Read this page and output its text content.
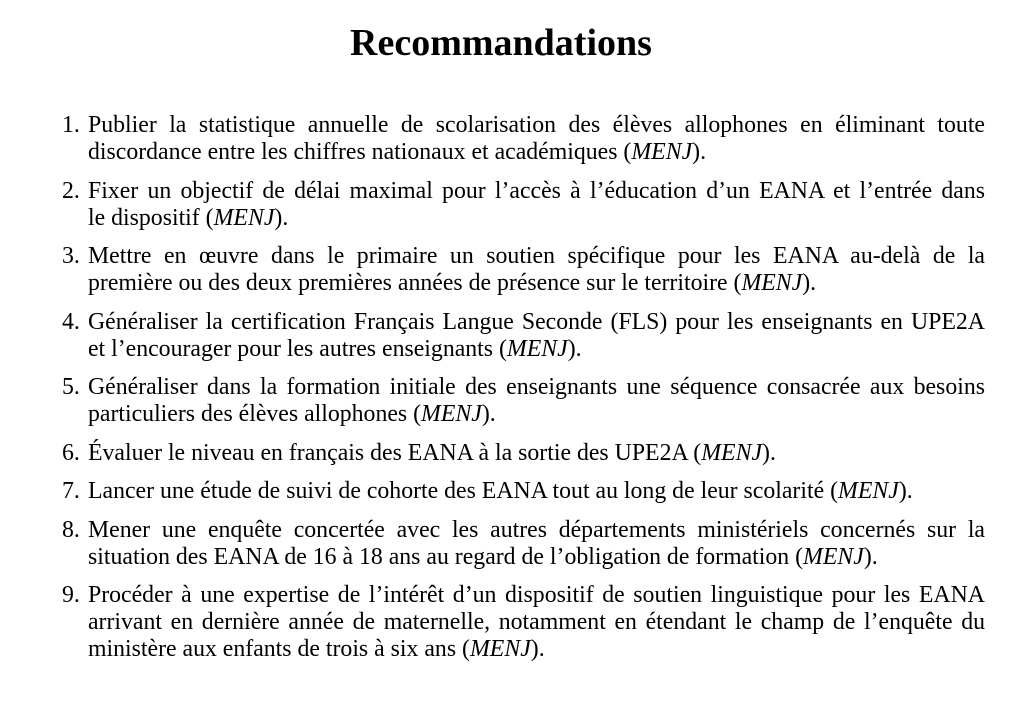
Recommandations
1. Publier la statistique annuelle de scolarisation des élèves allophones en éliminant toute
discordance entre les chiffres nationaux et académiques (MENJ).
2. Fixer un objectif de délai maximal pour l’accès à l’éducation d’un EANA et l’entrée dans
le dispositif (MENJ).
3. Mettre en œuvre dans le primaire un soutien spécifique pour les EANA au-delà de la
première ou des deux premières années de présence sur le territoire (MENJ).
4. Généraliser la certification Français Langue Seconde (FLS) pour les enseignants en UPE2A
et l’encourager pour les autres enseignants (MENJ).
5. Généraliser dans la formation initiale des enseignants une séquence consacrée aux besoins
particuliers des élèves allophones (MENJ).
6. Évaluer le niveau en français des EANA à la sortie des UPE2A (MENJ).
7. Lancer une étude de suivi de cohorte des EANA tout au long de leur scolarité (MENJ).
8. Mener une enquête concertée avec les autres départements ministériels concernés sur la
situation des EANA de 16 à 18 ans au regard de l’obligation de formation (MENJ).
9. Procéder à une expertise de l’intérêt d’un dispositif de soutien linguistique pour les EANA
arrivant en dernière année de maternelle, notamment en étendant le champ de l’enquête du
ministère aux enfants de trois à six ans (MENJ).
